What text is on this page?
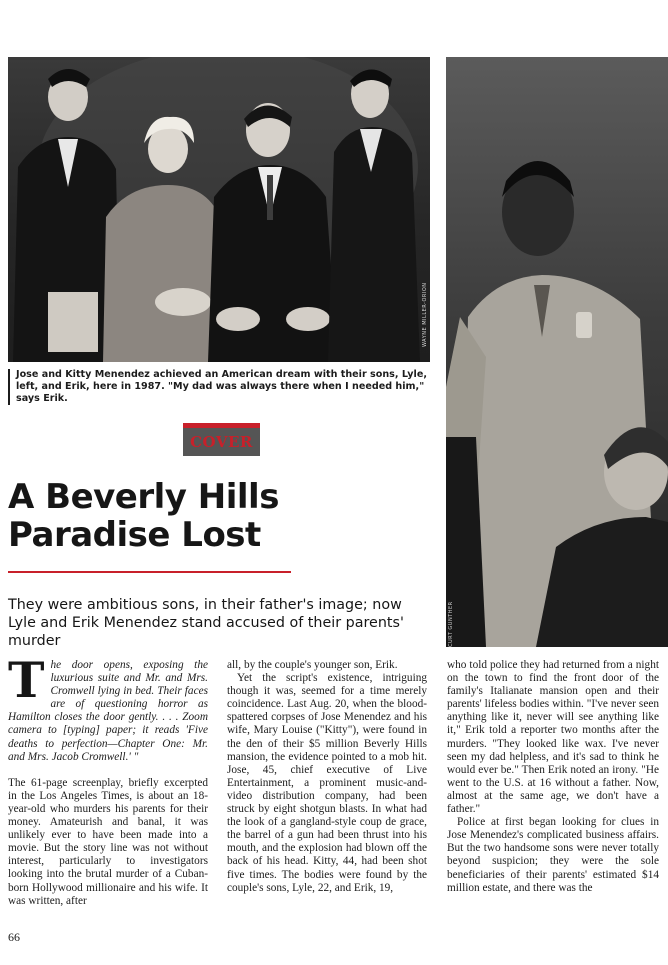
WAYNE MILLER-ORION
CURT GUNTHER
Jose and Kitty Menendez achieved an American dream with their sons, Lyle, left, and Erik, here in 1987. "My dad was always there when I needed him," says Erik.
COVER
A Beverly Hills
Paradise Lost
They were ambitious sons, in their father's image; now Lyle and Erik Menendez stand accused of their parents' murder

The door opens, exposing the luxurious suite and Mr. and Mrs. Cromwell lying in bed. Their faces are of questioning horror as Hamilton closes the door gently. . . . Zoom camera to [typing] paper; it reads 'Five deaths to perfection—Chapter One: Mr. and Mrs. Jacob Cromwell.' "

The 61-page screenplay, briefly excerpted in the Los Angeles Times, is about an 18-year-old who murders his parents for their money. Amateurish and banal, it was unlikely ever to have been made into a movie. But the story line was not without interest, particularly to investigators looking into the brutal murder of a Cuban-born Hollywood millionaire and his wife. It was written, after

all, by the couple's younger son, Erik.

Yet the script's existence, intriguing though it was, seemed for a time merely coincidence. Last Aug. 20, when the blood-spattered corpses of Jose Menendez and his wife, Mary Louise ("Kitty"), were found in the den of their $5 million Beverly Hills mansion, the evidence pointed to a mob hit. Jose, 45, chief executive of Live Entertainment, a prominent music-and-video distribution company, had been struck by eight shotgun blasts. In what had the look of a gangland-style coup de grace, the barrel of a gun had been thrust into his mouth, and the explosion had blown off the back of his head. Kitty, 44, had been shot five times. The bodies were found by the couple's sons, Lyle, 22, and Erik, 19,

who told police they had returned from a night on the town to find the front door of the family's Italianate mansion open and their parents' lifeless bodies within. "I've never seen anything like it, never will see anything like it," Erik told a reporter two months after the murders. "They looked like wax. I've never seen my dad helpless, and it's sad to think he would ever be." Then Erik noted an irony. "He went to the U.S. at 16 without a father. Now, almost at the same age, we don't have a father."

Police at first began looking for clues in Jose Menendez's complicated business affairs. But the two handsome sons were never totally beyond suspicion; they were the sole beneficiaries of their parents' estimated $14 million estate, and there was the

66
